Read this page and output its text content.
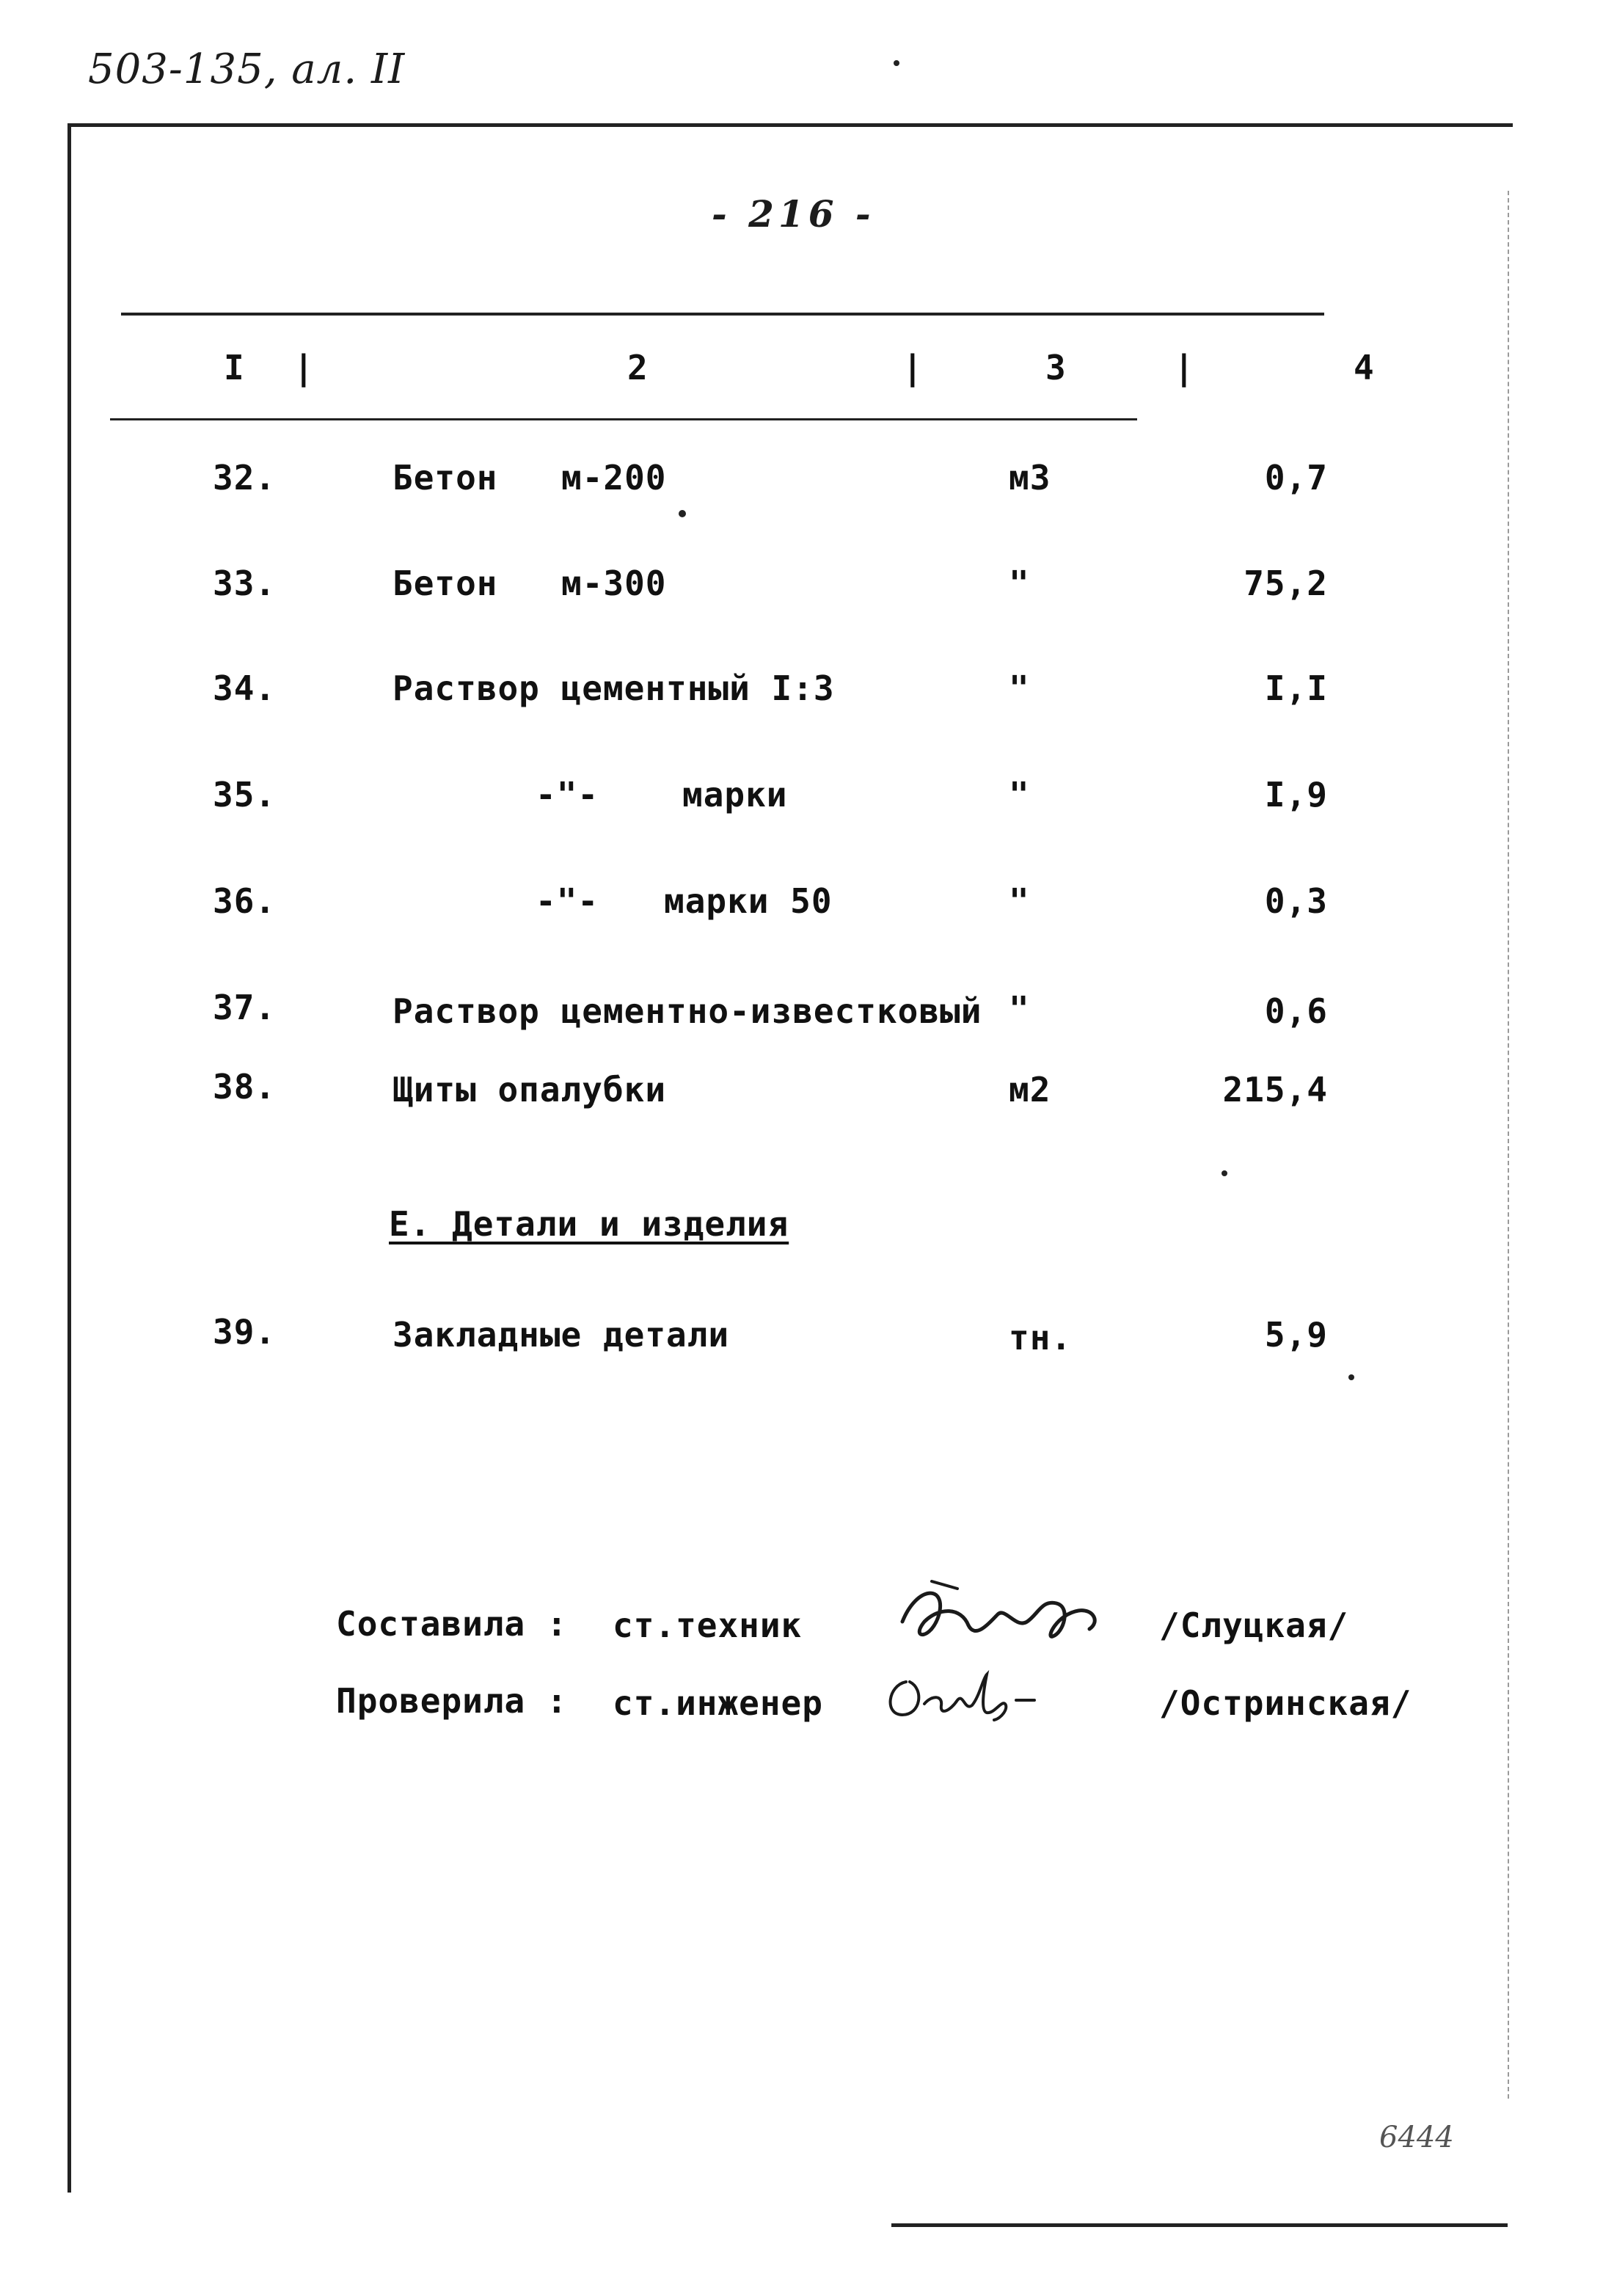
503-135, ал. II
- 216 -
I |	2	|	3	|	4
32.	Бетон м-200	м3	0,7
33.	Бетон м-300	"	75,2
34.	Раствор цементный I:3	"	I,I
35.	-"- марки	"	I,9
36.	-"- марки 50	"	0,3
37.	Раствор цементно-известковый "	0,6
38.	Щиты опалубки	м2	215,4
Е. Детали и изделия
39.	Закладные детали	тн.	5,9
Составила : ст.техник	/Слуцкая/
Проверила : ст.инженер	/Остринская/
6444
